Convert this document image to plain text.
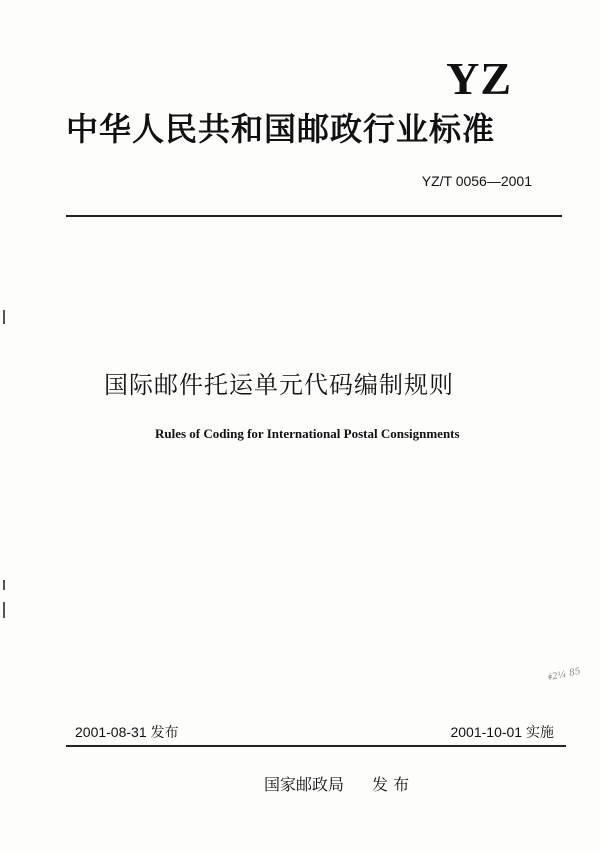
YZ
中华人民共和国邮政行业标准
YZ/T 0056—2001
国际邮件托运单元代码编制规则
Rules of Coding for International Postal Consignments
ǂ2¼ 85
2001-08-31 发布	2001-10-01 实施
国家邮政局 发 布
